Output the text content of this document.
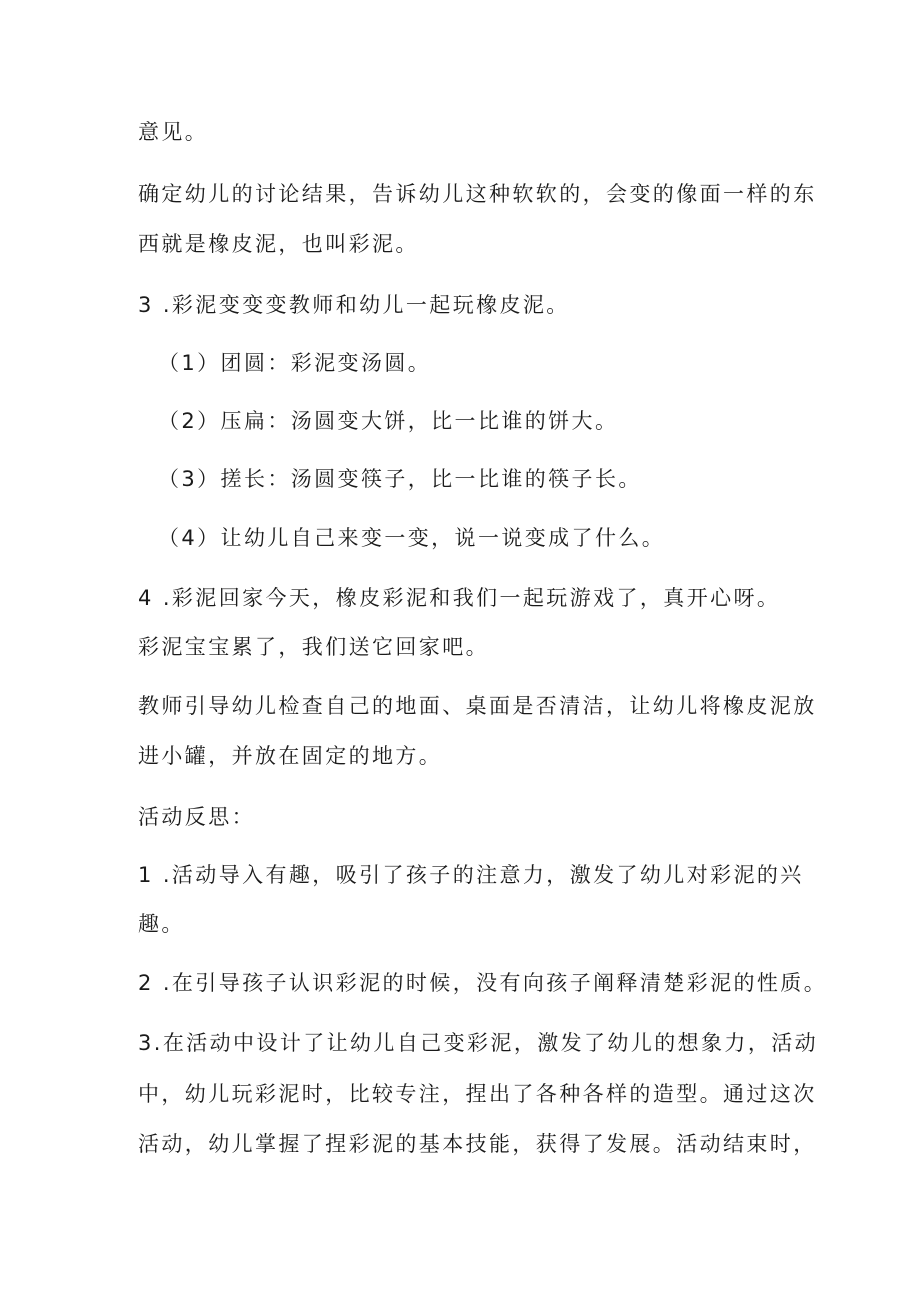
意见。
确定幼儿的讨论结果，告诉幼儿这种软软的，会变的像面一样的东
西就是橡皮泥，也叫彩泥。
3 .彩泥变变变教师和幼儿一起玩橡皮泥。
（1）团圆：彩泥变汤圆。
（2）压扁：汤圆变大饼，比一比谁的饼大。
（3）搓长：汤圆变筷子，比一比谁的筷子长。
（4）让幼儿自己来变一变，说一说变成了什么。
4 .彩泥回家今天，橡皮彩泥和我们一起玩游戏了，真开心呀。
彩泥宝宝累了，我们送它回家吧。
教师引导幼儿检查自己的地面、桌面是否清洁，让幼儿将橡皮泥放
进小罐，并放在固定的地方。
活动反思：
1 .活动导入有趣，吸引了孩子的注意力，激发了幼儿对彩泥的兴
趣。
2 .在引导孩子认识彩泥的时候，没有向孩子阐释清楚彩泥的性质。
3.在活动中设计了让幼儿自己变彩泥，激发了幼儿的想象力，活动
中，幼儿玩彩泥时，比较专注，捏出了各种各样的造型。通过这次
活动，幼儿掌握了捏彩泥的基本技能，获得了发展。活动结束时，
